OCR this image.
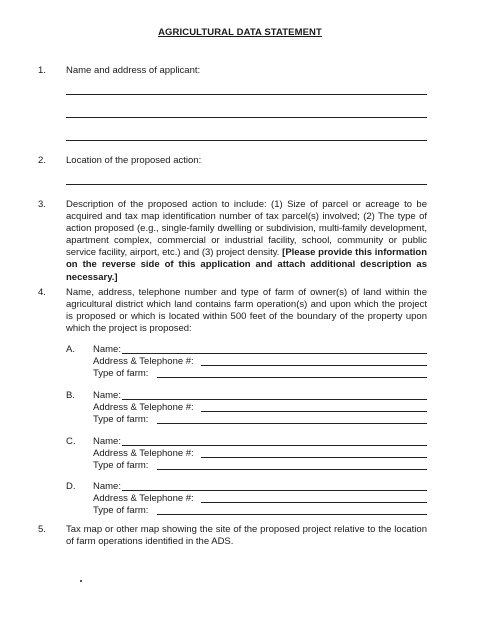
AGRICULTURAL DATA STATEMENT
1. Name and address of applicant:
2. Location of the proposed action:
3. Description of the proposed action to include: (1) Size of parcel or acreage to be acquired and tax map identification number of tax parcel(s) involved; (2) The type of action proposed (e.g., single-family dwelling or subdivision, multi-family development, apartment complex, commercial or industrial facility, school, community or public service facility, airport, etc.) and (3) project density. [Please provide this information on the reverse side of this application and attach additional description as necessary.]
4. Name, address, telephone number and type of farm of owner(s) of land within the agricultural district which land contains farm operation(s) and upon which the project is proposed or which is located within 500 feet of the boundary of the property upon which the project is proposed:
A. Name:
Address & Telephone #:
Type of farm:
B. Name:
Address & Telephone #:
Type of farm:
C. Name:
Address & Telephone #:
Type of farm:
D. Name:
Address & Telephone #:
Type of farm:
5. Tax map or other map showing the site of the proposed project relative to the location of farm operations identified in the ADS.
